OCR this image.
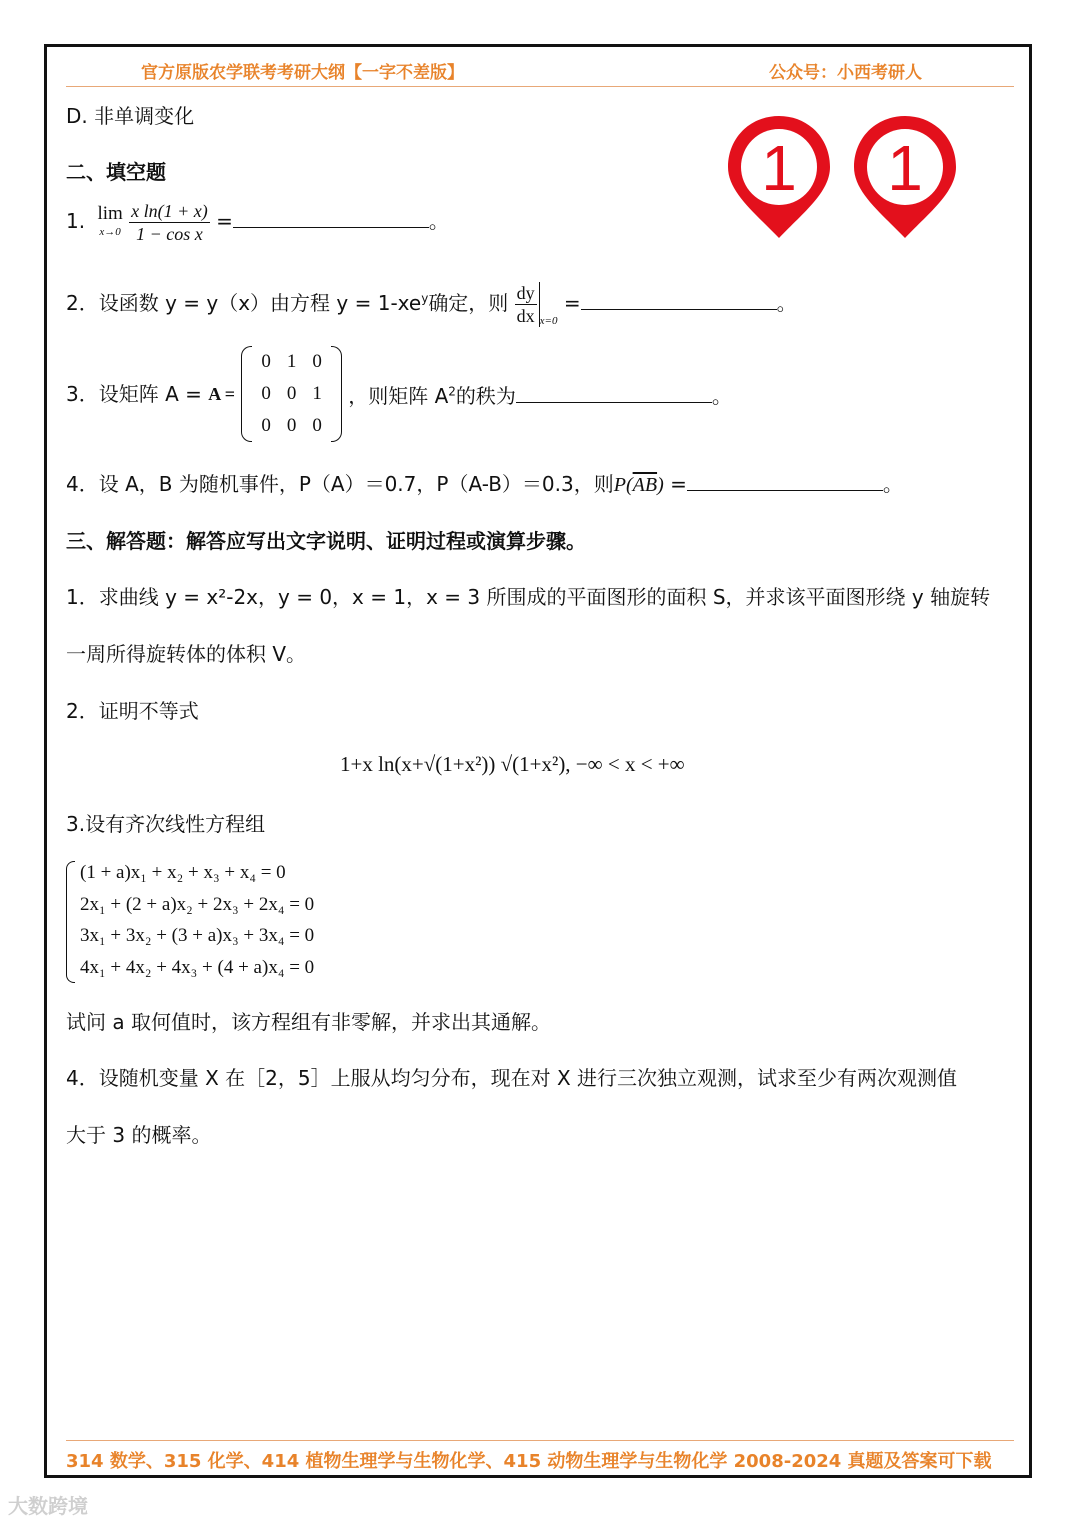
官方原版农学联考考研大纲【一字不差版】	公众号：小西考研人
1 1
D. 非单调变化
二、填空题
1. lim
x→0
$\frac{\text{x ln(1 + x)}}{\text{1 − cos x}}$ =	。
2．设函数 y = y（x）由方程 $y = 1-xe^y$确定，则 $\frac{dy}{dx} _{x=0}$ =	。
3．设矩阵 A = A =
0	1	0
0	0	1
0	0	0
，则矩阵 $A^2$的秩为	。
4．设 A，B 为随机事件，P（A）＝0.7，P（A-B）＝0.3，则$P(\overline{AB})$ =	。
三、解答题：解答应写出文字说明、证明过程或演算步骤。
1．求曲线 y = x²-2x，y = 0，x = 1，x = 3 所围成的平面图形的面积 S，并求该平面图形绕 y 轴旋转
一周所得旋转体的体积 V。
2．证明不等式
1+x ln(x+√(1+x²)) √(1+x²), −∞ < x < +∞
3.设有齐次线性方程组
(1 + a)x₁ + x₂ + x₃ + x₄ = 0
2x₁ + (2 + a)x₂ + 2x₃ + 2x₄ = 0
3x₁ + 3x₂ + (3 + a)x₃ + 3x₄ = 0
4x₁ + 4x₂ + 4x₃ + (4 + a)x₄ = 0
试问 a 取何值时，该方程组有非零解，并求出其通解。
4．设随机变量 X 在［2，5］上服从均匀分布，现在对 X 进行三次独立观测，试求至少有两次观测值
大于 3 的概率。
314 数学、315 化学、414 植物生理学与生物化学、415 动物生理学与生物化学 2008-2024 真题及答案可下载
大数跨境
